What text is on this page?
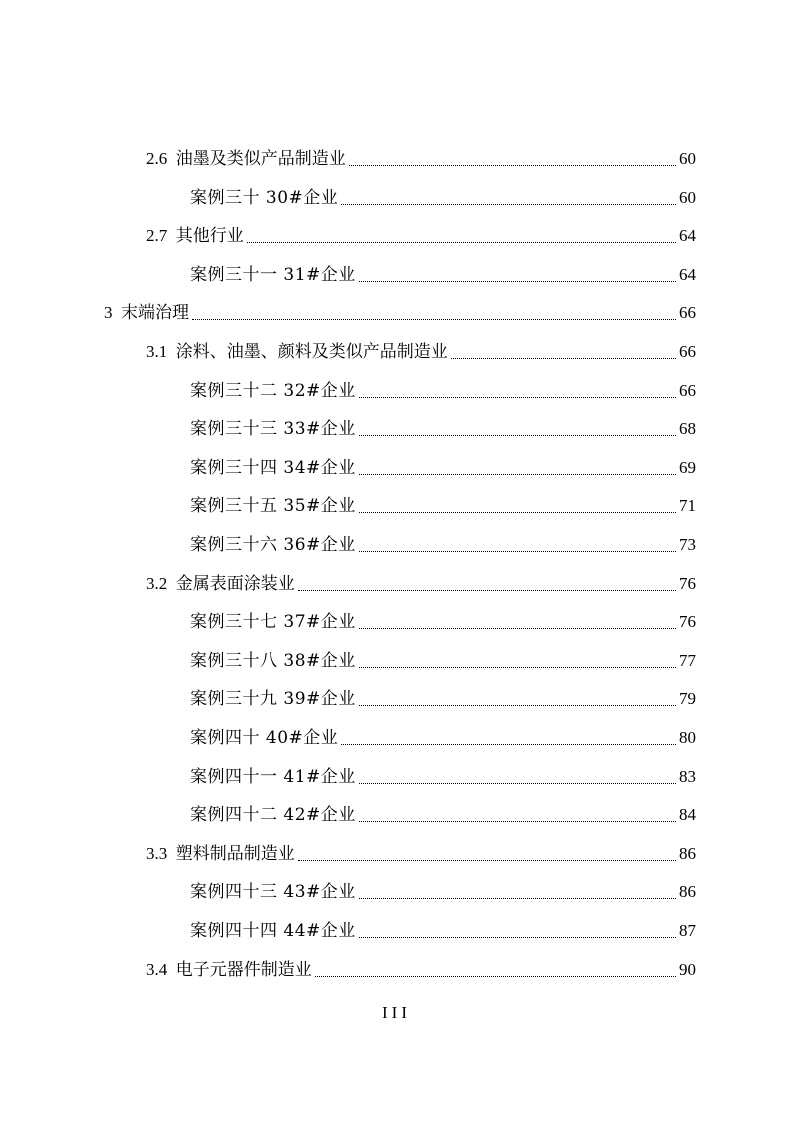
2.6  油墨及类似产品制造业	60
案例三十 30#企业	60
2.7  其他行业	64
案例三十一 31#企业	64
3  末端治理	66
3.1  涂料、油墨、颜料及类似产品制造业	66
案例三十二 32#企业	66
案例三十三 33#企业	68
案例三十四 34#企业	69
案例三十五 35#企业	71
案例三十六 36#企业	73
3.2  金属表面涂装业	76
案例三十七 37#企业	76
案例三十八 38#企业	77
案例三十九 39#企业	79
案例四十 40#企业	80
案例四十一 41#企业	83
案例四十二 42#企业	84
3.3  塑料制品制造业	86
案例四十三 43#企业	86
案例四十四 44#企业	87
3.4  电子元器件制造业	90
III
